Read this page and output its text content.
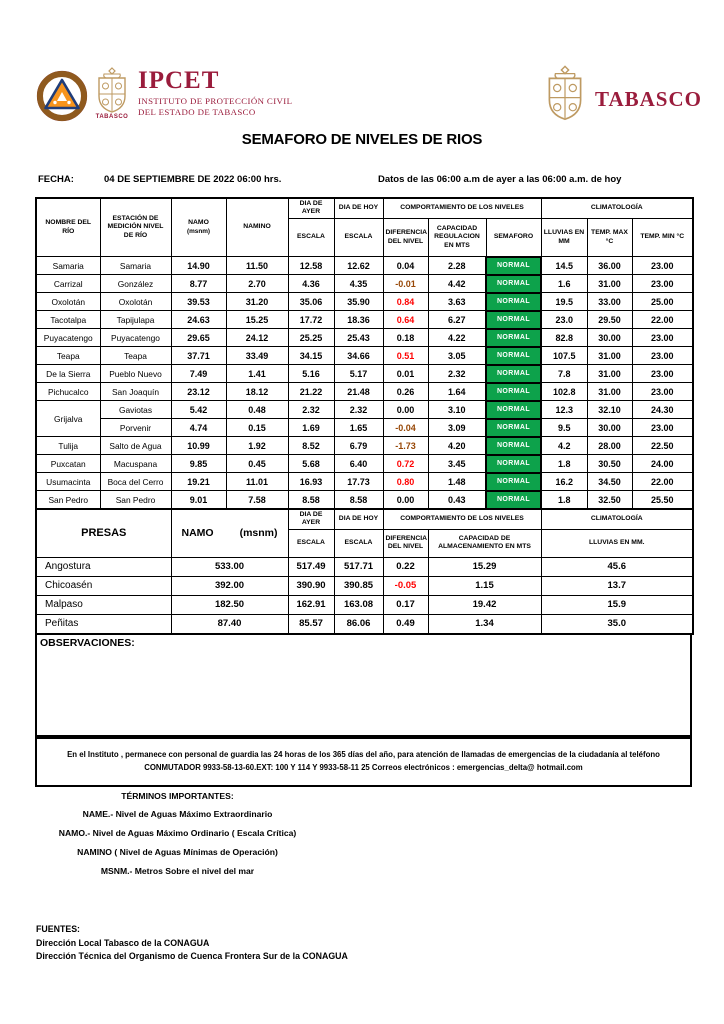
TABASCO
IPCET
INSTITUTO DE PROTECCIÓN CIVIL
DEL ESTADO DE TABASCO
TABASCO
SEMAFORO DE NIVELES DE RIOS
FECHA:	04 DE SEPTIEMBRE DE 2022 06:00 hrs.	Datos de las 06:00 a.m de ayer a las 06:00 a.m. de hoy
NOMBRE DEL RÍO	ESTACIÓN DE MEDICIÓN NIVEL DE RÍO	NAMO
(msnm)	NAMINO	DIA DE AYER	DIA DE HOY	COMPORTAMIENTO DE LOS NIVELES			CLIMATOLOGÍA		
				ESCALA	ESCALA	DIFERENCIA DEL NIVEL	CAPACIDAD REGULACION EN MTS	SEMAFORO	LLUVIAS EN MM	TEMP. MAX °C	TEMP. MIN °C
Samaria	Samaria	14.90	11.50	12.58	12.62	0.04	2.28	NORMAL	14.5	36.00	23.00
Carrizal	González	8.77	2.70	4.36	4.35	-0.01	4.42	NORMAL	1.6	31.00	23.00
Oxolotán	Oxolotán	39.53	31.20	35.06	35.90	0.84	3.63	NORMAL	19.5	33.00	25.00
Tacotalpa	Tapijulapa	24.63	15.25	17.72	18.36	0.64	6.27	NORMAL	23.0	29.50	22.00
Puyacatengo	Puyacatengo	29.65	24.12	25.25	25.43	0.18	4.22	NORMAL	82.8	30.00	23.00
Teapa	Teapa	37.71	33.49	34.15	34.66	0.51	3.05	NORMAL	107.5	31.00	23.00
De la Sierra	Pueblo Nuevo	7.49	1.41	5.16	5.17	0.01	2.32	NORMAL	7.8	31.00	23.00
Pichucalco	San Joaquín	23.12	18.12	21.22	21.48	0.26	1.64	NORMAL	102.8	31.00	23.00
Grijalva	Gaviotas	5.42	0.48	2.32	2.32	0.00	3.10	NORMAL	12.3	32.10	24.30
	Porvenir	4.74	0.15	1.69	1.65	-0.04	3.09	NORMAL	9.5	30.00	23.00
Tulija	Salto de Agua	10.99	1.92	8.52	6.79	-1.73	4.20	NORMAL	4.2	28.00	22.50
Puxcatan	Macuspana	9.85	0.45	5.68	6.40	0.72	3.45	NORMAL	1.8	30.50	24.00
Usumacinta	Boca del Cerro	19.21	11.01	16.93	17.73	0.80	1.48	NORMAL	16.2	34.50	22.00
San Pedro	San Pedro	9.01	7.58	8.58	8.58	0.00	0.43	NORMAL	1.8	32.50	25.50
PRESAS	NAMO (msnm)	DIA DE AYER	DIA DE HOY	COMPORTAMIENTO DE LOS NIVELES		CLIMATOLOGÍA
		ESCALA	ESCALA	DIFERENCIA DEL NIVEL	CAPACIDAD DE ALMACENAMIENTO EN MTS	LLUVIAS EN MM.
Angostura	533.00	517.49	517.71	0.22	15.29	45.6
Chicoasén	392.00	390.90	390.85	-0.05	1.15	13.7
Malpaso	182.50	162.91	163.08	0.17	19.42	15.9
Peñitas	87.40	85.57	86.06	0.49	1.34	35.0
OBSERVACIONES:
En el Instituto , permanece con personal de guardia las 24 horas de los 365 días del año, para atención de llamadas de emergencias de la ciudadanía al teléfono
CONMUTADOR 9933-58-13-60.EXT: 100 Y 114 Y 9933-58-11 25 Correos electrónicos : emergencias_delta@ hotmail.com
TÉRMINOS IMPORTANTES:
NAME.- Nivel de Aguas Máximo Extraordinario
NAMO.- Nivel de Aguas Máximo Ordinario ( Escala Crítica)
NAMINO ( Nivel de Aguas Mínimas de Operación)
MSNM.- Metros Sobre el nivel del mar
FUENTES:
Dirección Local Tabasco de la CONAGUA
Dirección Técnica del Organismo de Cuenca Frontera Sur de la CONAGUA
